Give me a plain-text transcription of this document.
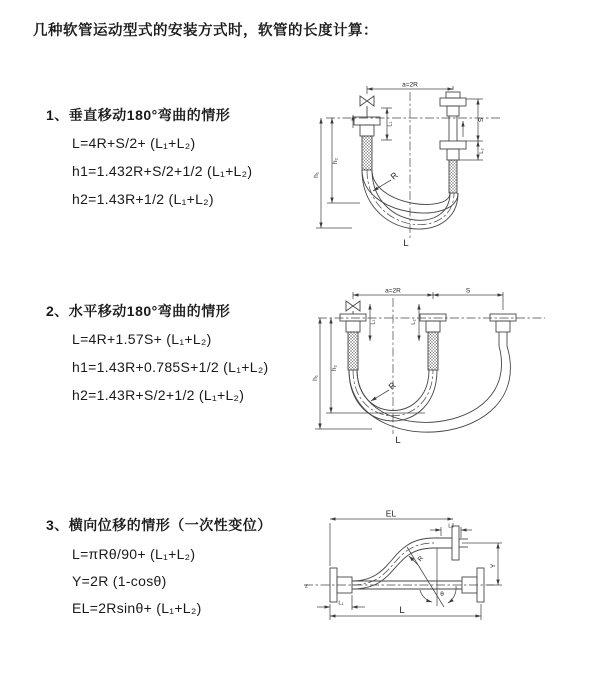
几种软管运动型式的安装方式时，软管的长度计算：
1、垂直移动180°弯曲的情形
L=4R+S/2+ (L₁+L₂)
h1=1.432R+S/2+1/2 (L₁+L₂)
h2=1.43R+1/2 (L₁+L₂)
2、水平移动180°弯曲的情形
L=4R+1.57S+ (L₁+L₂)
h1=1.43R+0.785S+1/2 (L₁+L₂)
h2=1.43R+S/2+1/2 (L₁+L₂)
3、横向位移的情形（一次性变位）
L=πRθ/90+ (L₁+L₂)
Y=2R (1-cosθ)
EL=2Rsinθ+ (L₁+L₂)
a=2R
L₁
S
L₂
h₁
h₂
R
L
a=2R	S
L₁	L₂
h₁
h₂
R
L
EL
L₂
Y
z
θ
R
L₁
L
